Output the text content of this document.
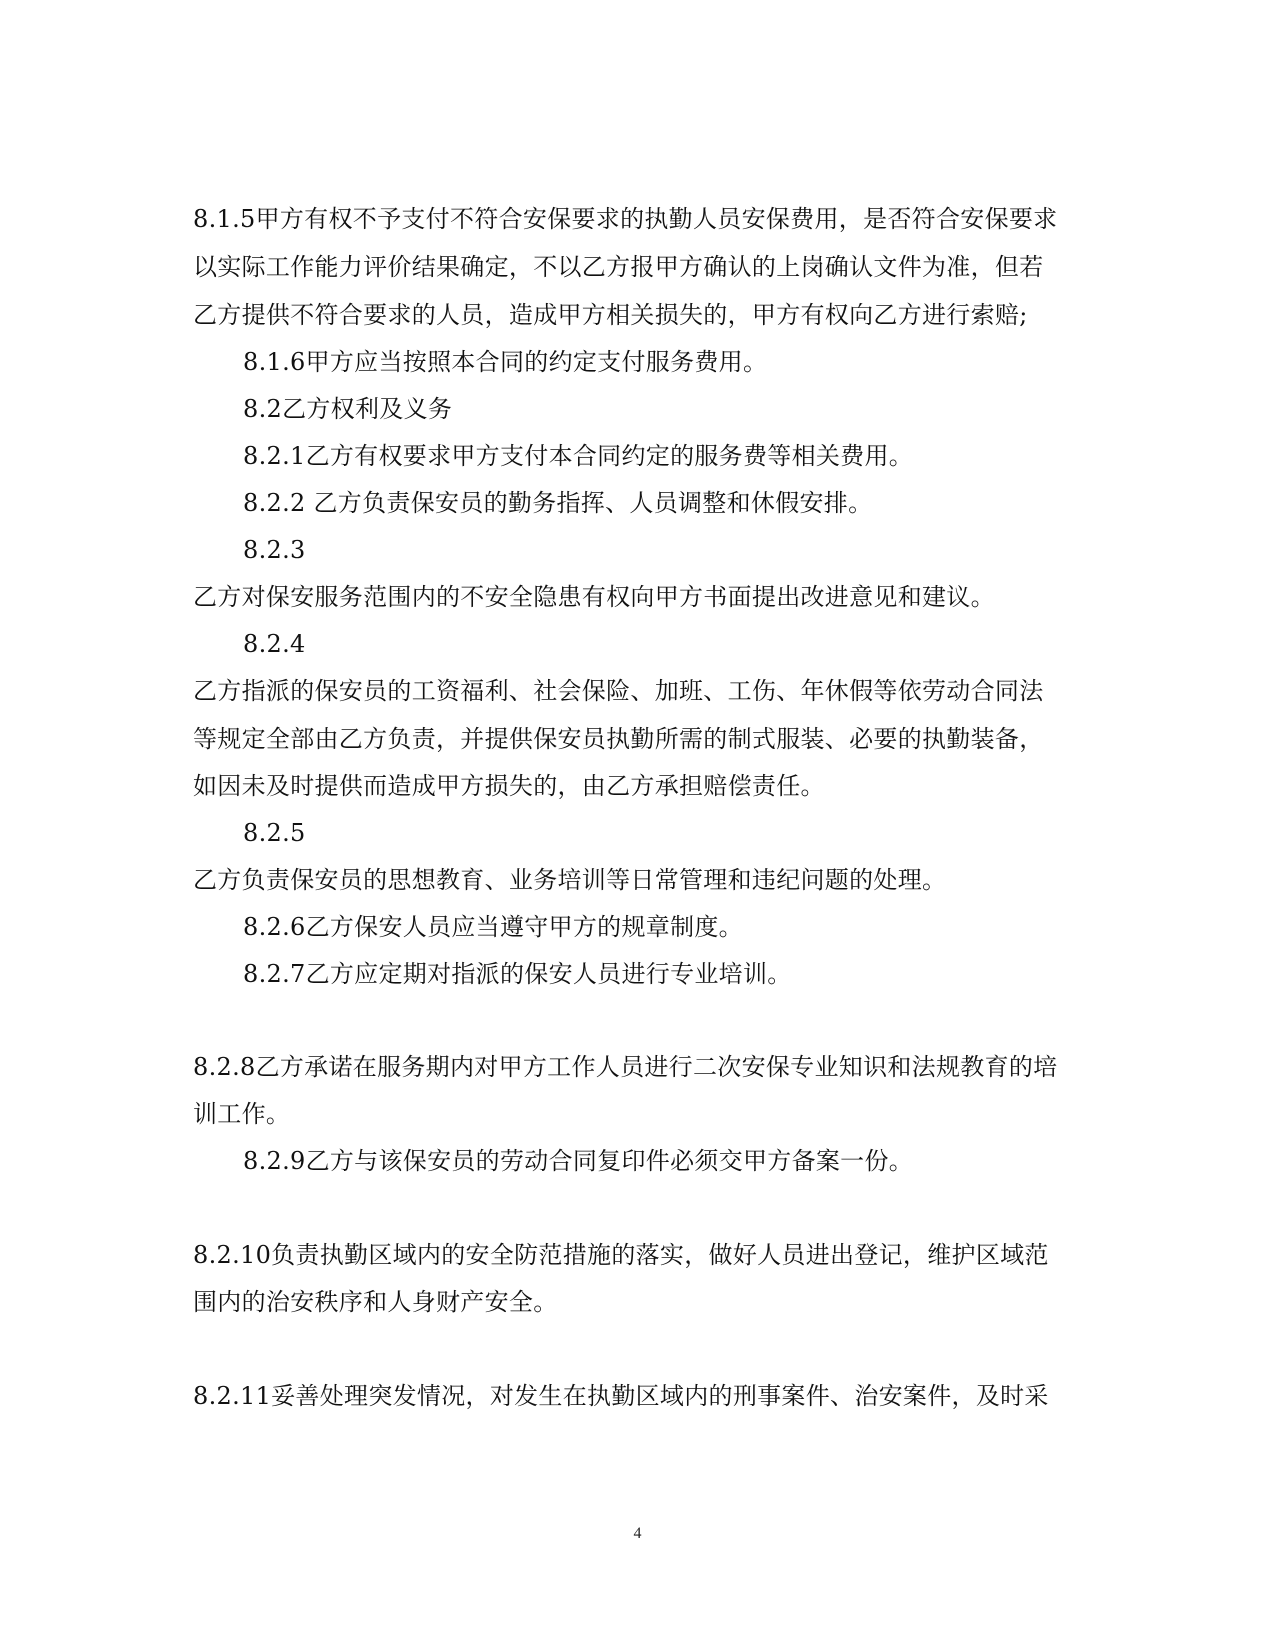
8.1.5甲方有权不予支付不符合安保要求的执勤人员安保费用，是否符合安保要求
以实际工作能力评价结果确定，不以乙方报甲方确认的上岗确认文件为准，但若
乙方提供不符合要求的人员，造成甲方相关损失的，甲方有权向乙方进行索赔;
8.1.6甲方应当按照本合同的约定支付服务费用。
8.2乙方权利及义务
8.2.1乙方有权要求甲方支付本合同约定的服务费等相关费用。
8.2.2 乙方负责保安员的勤务指挥、人员调整和休假安排。
8.2.3
乙方对保安服务范围内的不安全隐患有权向甲方书面提出改进意见和建议。
8.2.4
乙方指派的保安员的工资福利、社会保险、加班、工伤、年休假等依劳动合同法
等规定全部由乙方负责，并提供保安员执勤所需的制式服装、必要的执勤装备，
如因未及时提供而造成甲方损失的，由乙方承担赔偿责任。
8.2.5
乙方负责保安员的思想教育、业务培训等日常管理和违纪问题的处理。
8.2.6乙方保安人员应当遵守甲方的规章制度。
8.2.7乙方应定期对指派的保安人员进行专业培训。
8.2.8乙方承诺在服务期内对甲方工作人员进行二次安保专业知识和法规教育的培
训工作。
8.2.9乙方与该保安员的劳动合同复印件必须交甲方备案一份。
8.2.10负责执勤区域内的安全防范措施的落实，做好人员进出登记，维护区域范
围内的治安秩序和人身财产安全。
8.2.11妥善处理突发情况，对发生在执勤区域内的刑事案件、治安案件，及时采
4
